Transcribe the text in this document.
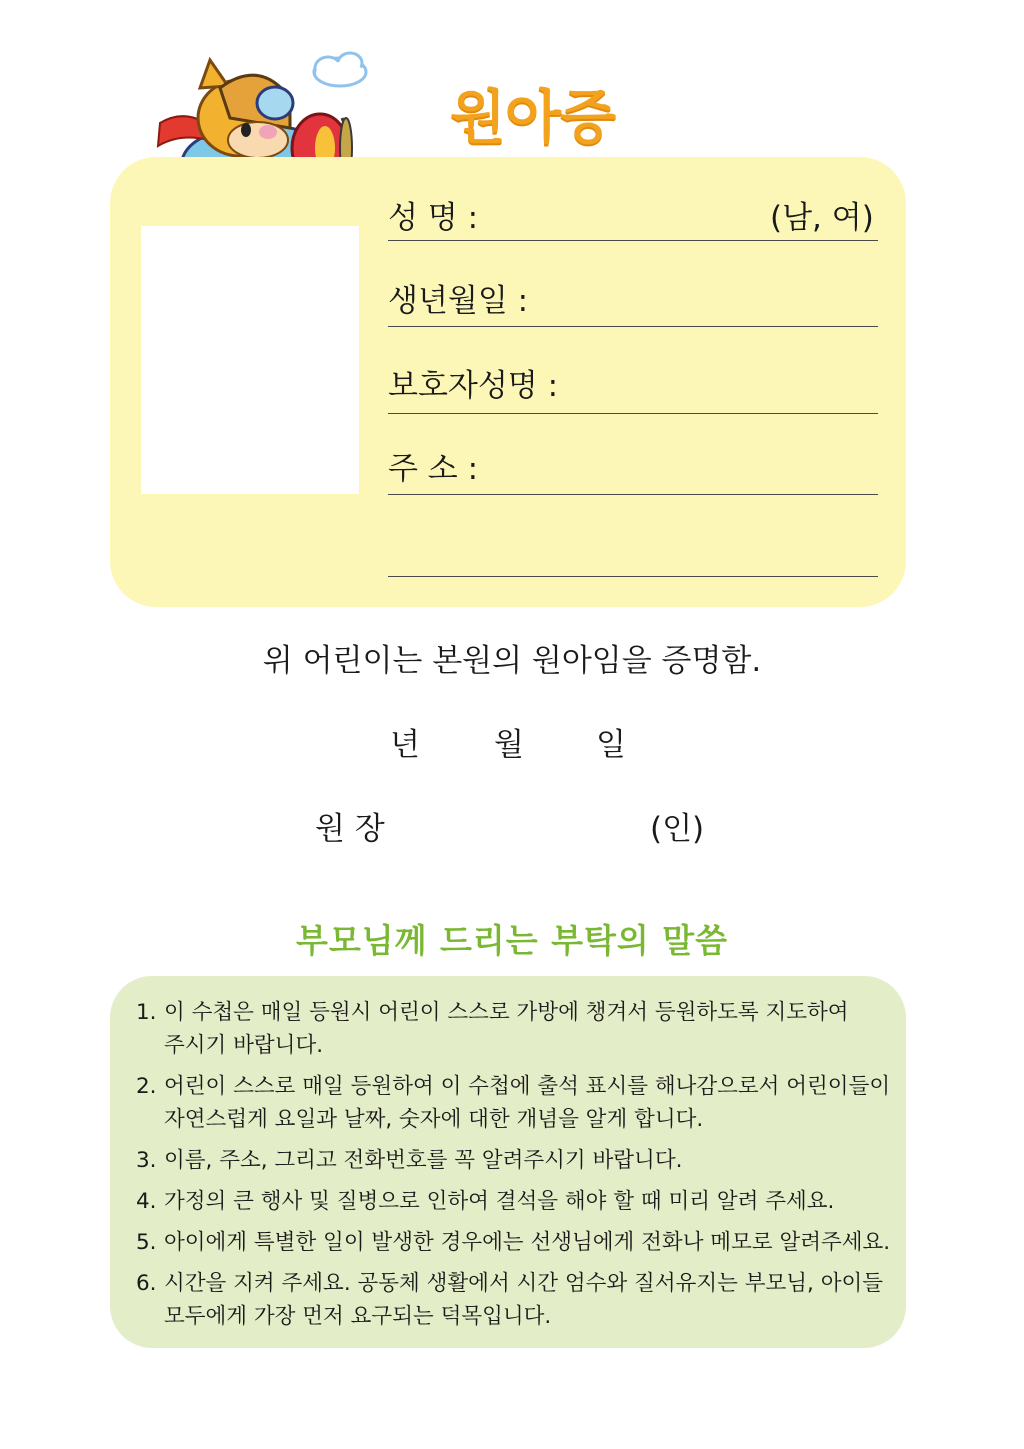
원아증
성 명 :	(남, 여)
생년월일 :
보호자성명 :
주 소 :
위 어린이는 본원의 원아임을 증명함.
년 월 일
원 장	(인)
부모님께 드리는 부탁의 말씀
1. 이 수첩은 매일 등원시 어린이 스스로 가방에 챙겨서 등원하도록 지도하여
주시기 바랍니다.
2. 어린이 스스로 매일 등원하여 이 수첩에 출석 표시를 해나감으로서 어린이들이
자연스럽게 요일과 날짜, 숫자에 대한 개념을 알게 합니다.
3. 이름, 주소, 그리고 전화번호를 꼭 알려주시기 바랍니다.
4. 가정의 큰 행사 및 질병으로 인하여 결석을 해야 할 때 미리 알려 주세요.
5. 아이에게 특별한 일이 발생한 경우에는 선생님에게 전화나 메모로 알려주세요.
6. 시간을 지켜 주세요. 공동체 생활에서 시간 엄수와 질서유지는 부모님, 아이들
모두에게 가장 먼저 요구되는 덕목입니다.
